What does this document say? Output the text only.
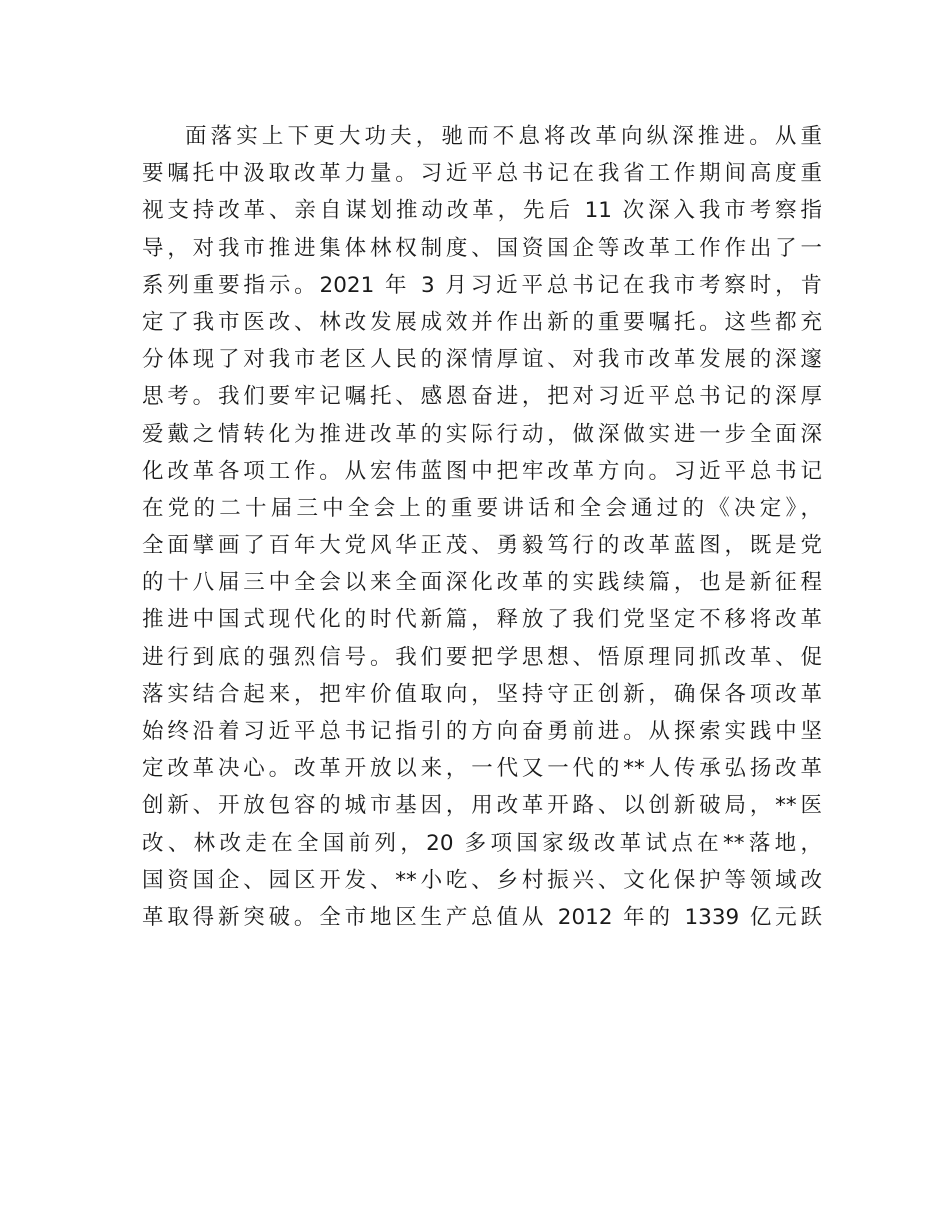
面落实上下更大功夫，驰而不息将改革向纵深推进。从重
要嘱托中汲取改革力量。习近平总书记在我省工作期间高度重
视支持改革、亲自谋划推动改革，先后 11 次深入我市考察指
导，对我市推进集体林权制度、国资国企等改革工作作出了一
系列重要指示。2021 年 3 月习近平总书记在我市考察时，肯
定了我市医改、林改发展成效并作出新的重要嘱托。这些都充
分体现了对我市老区人民的深情厚谊、对我市改革发展的深邃
思考。我们要牢记嘱托、感恩奋进，把对习近平总书记的深厚
爱戴之情转化为推进改革的实际行动，做深做实进一步全面深
化改革各项工作。从宏伟蓝图中把牢改革方向。习近平总书记
在党的二十届三中全会上的重要讲话和全会通过的《决定》，
全面擘画了百年大党风华正茂、勇毅笃行的改革蓝图，既是党
的十八届三中全会以来全面深化改革的实践续篇，也是新征程
推进中国式现代化的时代新篇，释放了我们党坚定不移将改革
进行到底的强烈信号。我们要把学思想、悟原理同抓改革、促
落实结合起来，把牢价值取向，坚持守正创新，确保各项改革
始终沿着习近平总书记指引的方向奋勇前进。从探索实践中坚
定改革决心。改革开放以来，一代又一代的**人传承弘扬改革
创新、开放包容的城市基因，用改革开路、以创新破局，**医
改、林改走在全国前列，20 多项国家级改革试点在**落地，
国资国企、园区开发、**小吃、乡村振兴、文化保护等领域改
革取得新突破。全市地区生产总值从 2012 年的 1339 亿元跃
